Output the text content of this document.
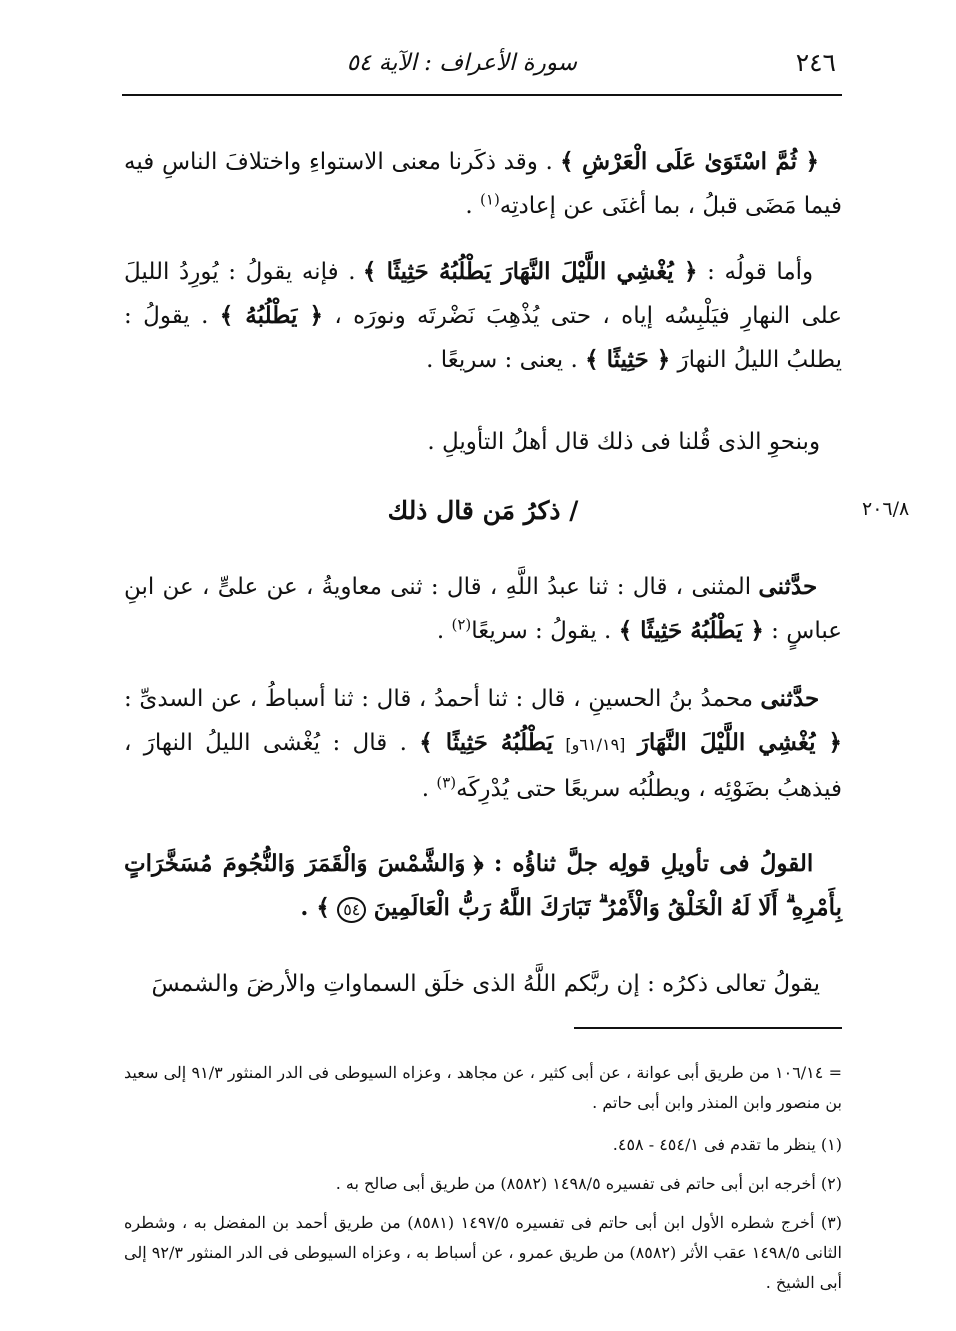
٢٤٦
سورة الأعراف : الآية ٥٤
﴿ ثُمَّ اسْتَوَىٰ عَلَى الْعَرْشِ ﴾ . وقد ذكَرنا معنى الاستواءِ واختلافَ الناسِ فيه فيما مَضَى قبلُ ، بما أغنَى عن إعادتِه$^{(١)}$ .
وأما قولُه : ﴿ يُغْشِي اللَّيْلَ النَّهَارَ يَطْلُبُهُ حَثِيثًا ﴾ . فإنه يقولُ : يُورِدُ الليلَ على النهارِ فيَلْبِسُه إياه ، حتى يُذْهِبَ نَضْرتَه ونورَه ، ﴿ يَطْلُبُهُ ﴾ . يقولُ : يطلبُ الليلُ النهارَ ﴿ حَثِيثًا ﴾ . يعنى : سريعًا .
وبنحوِ الذى قُلنا فى ذلك قال أهلُ التأويلِ .
٢٠٦/٨
/ ذكرُ مَن قال ذلك
حدَّثنى المثنى ، قال : ثنا عبدُ اللَّهِ ، قال : ثنى معاويةُ ، عن علىٍّ ، عن ابنِ عباسٍ : ﴿ يَطْلُبُهُ حَثِيثًا ﴾ . يقولُ : سريعًا$^{(٢)}$ .
حدَّثنى محمدُ بنُ الحسينِ ، قال : ثنا أحمدُ ، قال : ثنا أسباطُ ، عن السدىِّ : ﴿ يُغْشِي اللَّيْلَ النَّهَارَ [٦١/١٩و] يَطْلُبُهُ حَثِيثًا ﴾ . قال : يُغْشى الليلُ النهارَ ، فيذهبُ بضَوْئِه ، ويطلُبُه سريعًا حتى يُدْرِكَه$^{(٣)}$ .
القولُ فى تأويلِ قولِه جلَّ ثناؤُه : ﴿ وَالشَّمْسَ وَالْقَمَرَ وَالنُّجُومَ مُسَخَّرَاتٍ بِأَمْرِهِ ۗ أَلَا لَهُ الْخَلْقُ وَالْأَمْرُ ۗ تَبَارَكَ اللَّهُ رَبُّ الْعَالَمِينَ ٥٤ ﴾ .
يقولُ تعالى ذكرُه : إن ربَّكم اللَّهُ الذى خلَق السماواتِ والأرضَ والشمسَ
= ١٠٦/١٤ من طريق أبى عوانة ، عن أبى كثير ، عن مجاهد ، وعزاه السيوطى فى الدر المنثور ٩١/٣ إلى سعيد بن منصور وابن المنذر وابن أبى حاتم .
(١) ينظر ما تقدم فى ٤٥٤/١ - ٤٥٨.
(٢) أخرجه ابن أبى حاتم فى تفسيره ١٤٩٨/٥ (٨٥٨٢) من طريق أبى صالح به .
(٣) أخرج شطره الأول ابن أبى حاتم فى تفسيره ١٤٩٧/٥ (٨٥٨١) من طريق أحمد بن المفضل به ، وشطره الثانى ١٤٩٨/٥ عقب الأثر (٨٥٨٢) من طريق عمرو ، عن أسباط به ، وعزاه السيوطى فى الدر المنثور ٩٢/٣ إلى أبى الشيخ .
